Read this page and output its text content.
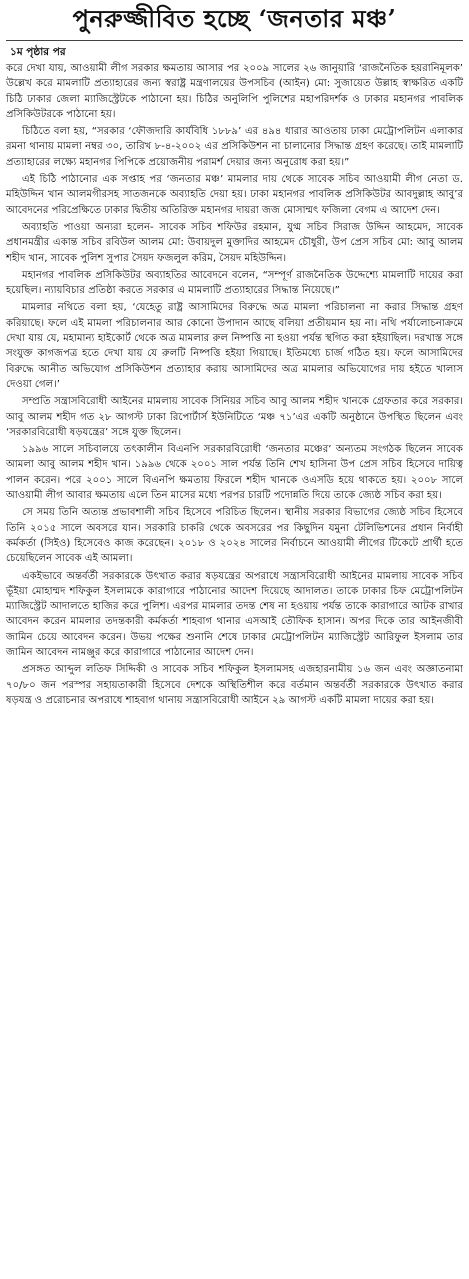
পুনরুজ্জীবিত হচ্ছে ‘জনতার মঞ্চ’
১ম পৃষ্ঠার পর

করে দেখা যায়, আওয়ামী লীগ সরকার ক্ষমতায় আসার পর ২০০৯ সালের ২৬ জানুয়ারি ‘রাজনৈতিক হয়রানিমূলক’ উল্লেখ করে মামলাটি প্রত্যাহারের জন্য স্বরাষ্ট্র মন্ত্রণালয়ের উপসচিব (আইন) মো: সুজায়েত উল্লাহ স্বাক্ষরিত একটি চিঠি ঢাকার জেলা ম্যাজিস্ট্রেটকে পাঠানো হয়। চিঠির অনুলিপি পুলিশের মহাপরিদর্শক ও ঢাকার মহানগর পাবলিক প্রসিকিউটরকে পাঠানো হয়।

চিঠিতে বলা হয়, “সরকার ‘ফৌজদারি কার্যবিধি ১৮৮৯’ এর ৪৯৪ ধারার আওতায় ঢাকা মেট্রোপলিটন এলাকার রমনা থানায় মামলা নম্বর ৩০, তারিখ ৮-৪-২০০২ এর প্রসিকিউশন না চালানোর সিদ্ধান্ত গ্রহণ করেছে। তাই মামলাটি প্রত্যাহারের লক্ষ্যে মহানগর পিপিকে প্রয়োজনীয় পরামর্শ দেয়ার জন্য অনুরোধ করা হয়।”

এই চিঠি পাঠানোর এক সপ্তাহ পর ‘জনতার মঞ্চ’ মামলার দায় থেকে সাবেক সচিব আওয়ামী লীগ নেতা ড. মহিউদ্দিন খান আলমগীরসহ সাতজনকে অব্যাহতি দেয়া হয়। ঢাকা মহানগর পাবলিক প্রসিকিউটর আবদুল্লাহ আবু’র আবেদনের পরিপ্রেক্ষিতে ঢাকার দ্বিতীয় অতিরিক্ত মহানগর দায়রা জজ মোসাম্মৎ ফজিলা বেগম এ আদেশ দেন।

অব্যাহতি পাওয়া অন্যরা হলেন- সাবেক সচিব শফিউর রহমান, যুগ্ম সচিব সিরাজ উদ্দিন আহমেদ, সাবেক প্রধানমন্ত্রীর একান্ত সচিব রবিউল আলম মো: উবায়দুল মুক্তাদির আহমেদ চৌধুরী, উপ প্রেস সচিব মো: আবু আলম শহীদ খান, সাবেক পুলিশ সুপার সৈয়দ ফজলুল করিম, সৈয়দ মহিউদ্দিন।

মহানগর পাবলিক প্রসিকিউটর অব্যাহতির আবেদনে বলেন, “সম্পূর্ণ রাজনৈতিক উদ্দেশ্যে মামলাটি দায়ের করা হয়েছিল। ন্যায়বিচার প্রতিষ্ঠা করতে সরকার এ মামলাটি প্রত্যাহারের সিদ্ধান্ত নিয়েছে।”

মামলার নথিতে বলা হয়, ‘যেহেতু রাষ্ট্র আসামিদের বিরুদ্ধে অত্র মামলা পরিচালনা না করার সিদ্ধান্ত গ্রহণ করিয়াছে। ফলে এই মামলা পরিচালনার আর কোনো উপাদান আছে বলিয়া প্রতীয়মান হয় না। নথি পর্যালোচনাক্রমে দেখা যায় যে, মহামান্য হাইকোর্ট থেকে অত্র মামলার রুল নিষ্পত্তি না হওয়া পর্যন্ত স্থগিত করা হইয়াছিল। দরখাস্ত সঙ্গে সংযুক্ত কাগজপত্র হতে দেখা যায় যে রুলটি নিষ্পত্তি হইয়া গিয়াছে। ইতিমধ্যে চার্জ গঠিত হয়। ফলে আসামিদের বিরুদ্ধে আনীত অভিযোগ প্রসিকিউশন প্রত্যাহার করায় আসামিদের অত্র মামলার অভিযোগের দায় হইতে খালাস দেওয়া গেল।’

সম্প্রতি সন্ত্রাসবিরোধী আইনের মামলায় সাবেক সিনিয়র সচিব আবু আলম শহীদ খানকে গ্রেফতার করে সরকার। আবু আলম শহীদ গত ২৮ আগস্ট ঢাকা রিপোর্টার্স ইউনিটিতে ‘মঞ্চ ৭১’এর একটি অনুষ্ঠানে উপস্থিত ছিলেন এবং ‘সরকারবিরোধী ষড়যন্ত্রের’ সঙ্গে যুক্ত ছিলেন।

১৯৯৬ সালে সচিবালয়ে তৎকালীন বিএনপি সরকারবিরোধী ‘জনতার মঞ্চের’ অন্যতম সংগঠক ছিলেন সাবেক আমলা আবু আলম শহীদ খান। ১৯৯৬ থেকে ২০০১ সাল পর্যন্ত তিনি শেখ হাসিনা উপ প্রেস সচিব হিসেবে দায়িত্ব পালন করেন। পরে ২০০১ সালে বিএনপি ক্ষমতায় ফিরলে শহীদ খানকে ওএসডি হয়ে থাকতে হয়। ২০০৮ সালে আওয়ামী লীগ আবার ক্ষমতায় এলে তিন মাসের মধ্যে পরপর চারটি পদোন্নতি দিয়ে তাকে জ্যেষ্ঠ সচিব করা হয়।

সে সময় তিনি অত্যন্ত প্রভাবশালী সচিব হিসেবে পরিচিত ছিলেন। স্থানীয় সরকার বিভাগের জ্যেষ্ঠ সচিব হিসেবে তিনি ২০১৫ সালে অবসরে যান। সরকারি চাকরি থেকে অবসরের পর কিছুদিন যমুনা টেলিভিশনের প্রধান নির্বাহী কর্মকর্তা (সিইও) হিসেবেও কাজ করেছেন। ২০১৮ ও ২০২৪ সালের নির্বাচনে আওয়ামী লীগের টিকেটে প্রার্থী হতে চেয়েছিলেন সাবেক এই আমলা।

একইভাবে অন্তর্বর্তী সরকারকে উৎখাত করার ষড়যন্ত্রের অপরাধে সন্ত্রাসবিরোধী আইনের মামলায় সাবেক সচিব ভূঁইয়া মোহাম্মদ শফিকুল ইসলামকে কারাগারে পাঠানোর আদেশ দিয়েছে আদালত। তাকে ঢাকার চিফ মেট্রোপলিটন ম্যাজিস্ট্রেট আদালতে হাজির করে পুলিশ। এরপর মামলার তদন্ত শেষ না হওয়ায় পর্যন্ত তাকে কারাগারে আটক রাখার আবেদন করেন মামলার তদন্তকারী কর্মকর্তা শাহবাগ থানার এসআই তৌফিক হাসান। অপর দিকে তার আইনজীবী জামিন চেয়ে আবেদন করেন। উভয় পক্ষের শুনানি শেষে ঢাকার মেট্রোপলিটন ম্যাজিস্ট্রেট আরিফুল ইসলাম তার জামিন আবেদন নামঞ্জুর করে কারাগারে পাঠানোর আদেশ দেন।

প্রসঙ্গত আব্দুল লতিফ সিদ্দিকী ও সাবেক সচিব শফিকুল ইসলামসহ এজহারনামীয় ১৬ জন এবং অজ্ঞাতনামা ৭০/৮০ জন পরস্পর সহায়তাকারী হিসেবে দেশকে অস্থিতিশীল করে বর্তমান অন্তর্বর্তী সরকারকে উৎখাত করার ষড়যন্ত্র ও প্ররোচনার অপরাধে শাহবাগ থানায় সন্ত্রাসবিরোধী আইনে ২৯ আগস্ট একটি মামলা দায়ের করা হয়।
